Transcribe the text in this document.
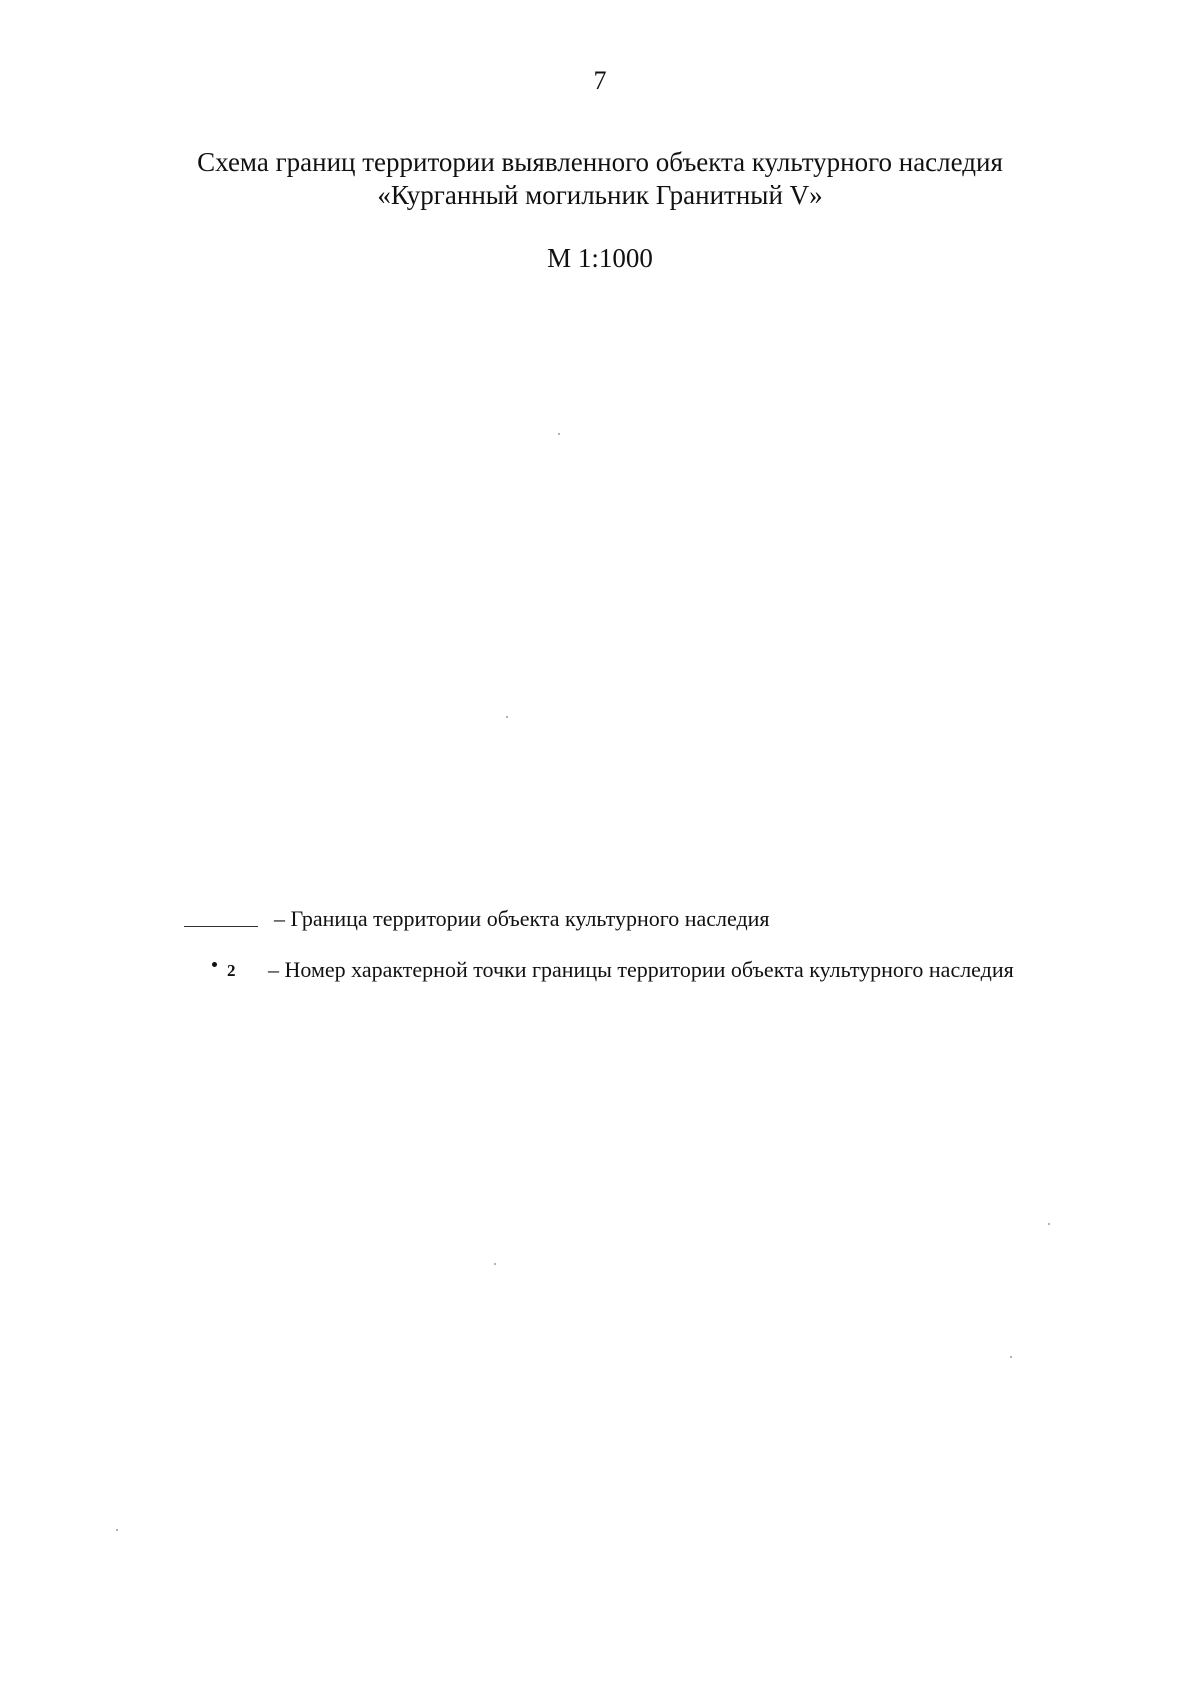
7
Схема границ территории выявленного объекта культурного наследия
«Курганный могильник Гранитный V»
М 1:1000
– Граница территории объекта культурного наследия
2 – Номер характерной точки границы территории объекта культурного наследия
